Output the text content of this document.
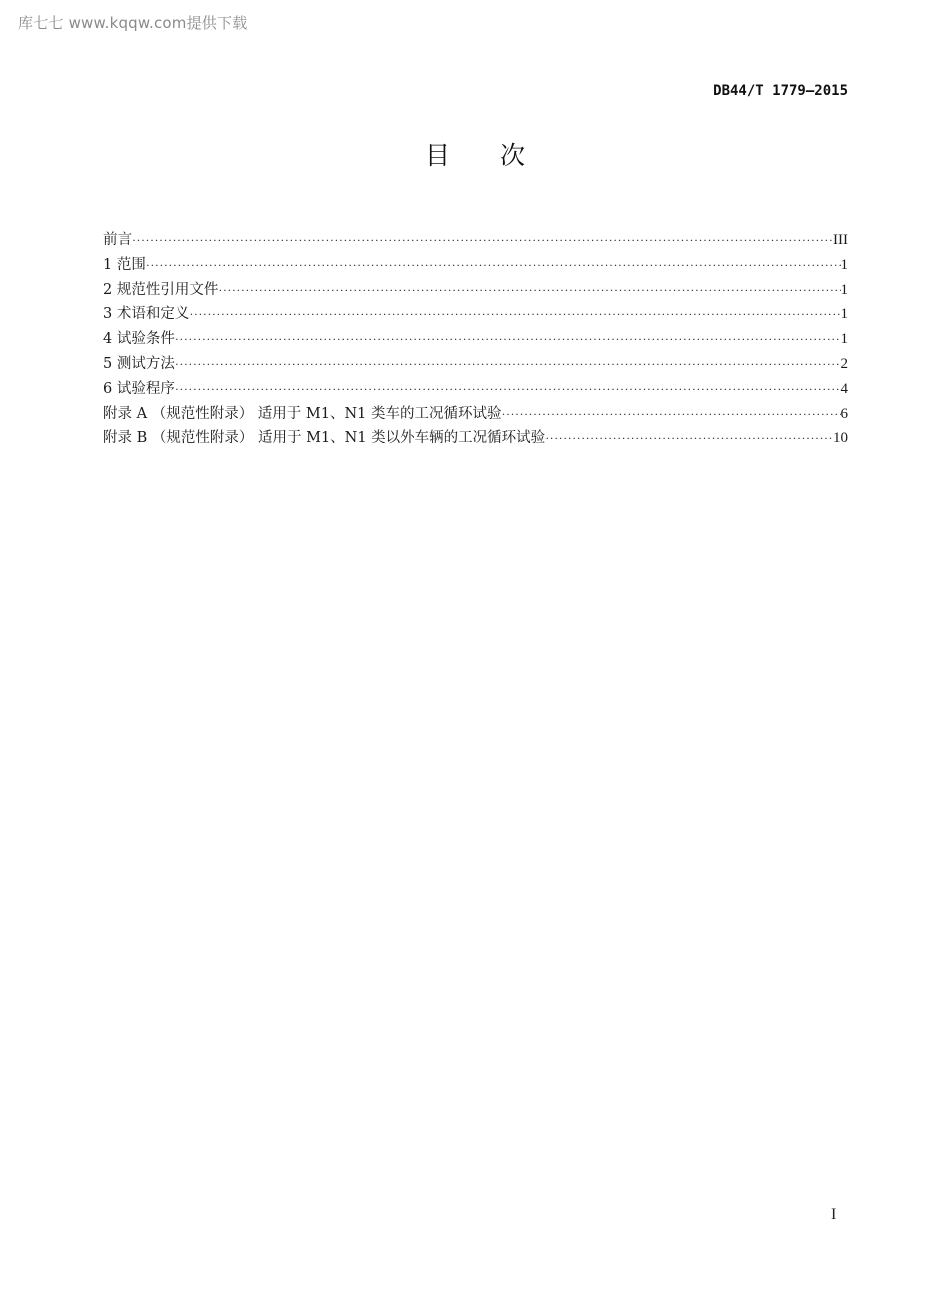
库七七 www.kqqw.com提供下载
DB44/T 1779—2015
目次
前言 ·····	III
1 范围 ·····	1
2 规范性引用文件 ·····	1
3 术语和定义 ·····	1
4 试验条件 ·····	1
5 测试方法 ·····	2
6 试验程序 ·····	4
附录 A （规范性附录） 适用于 M1、N1 类车的工况循环试验 ·····	6
附录 B （规范性附录） 适用于 M1、N1 类以外车辆的工况循环试验 ·····	10
I
